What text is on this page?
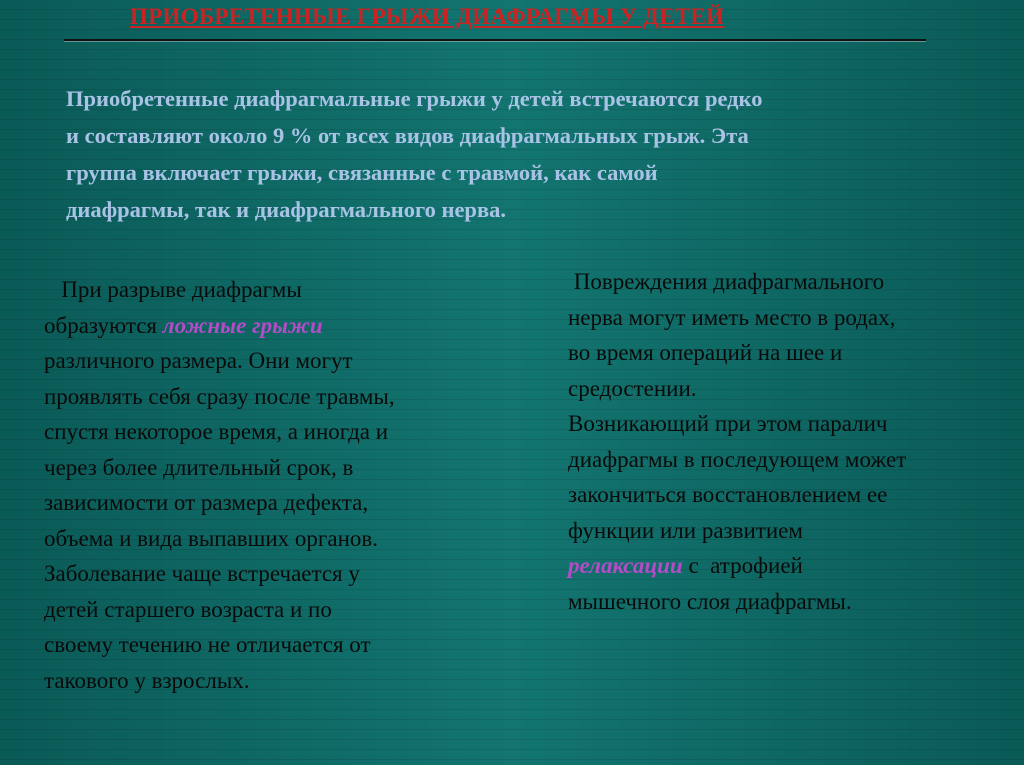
ПРИОБРЕТЕННЫЕ ГРЫЖИ ДИАФРАГМЫ У ДЕТЕЙ

Приобретенные диафрагмальные грыжи у детей встречаются редко
и составляют около 9 % от всех видов диафрагмальных грыж. Эта
группа включает грыжи, связанные с травмой, как самой
диафрагмы, так и диафрагмального нерва.

При разрыве диафрагмы
образуются ложные грыжи
различного размера. Они могут
проявлять себя сразу после травмы,
спустя некоторое время, а иногда и
через более длительный срок, в
зависимости от размера дефекта,
объема и вида выпавших органов.
Заболевание чаще встречается у
детей старшего возраста и по
своему течению не отличается от
такового у взрослых.

Повреждения диафрагмального
нерва могут иметь место в родах,
во время операций на шее и
средостении.
Возникающий при этом паралич
диафрагмы в последующем может
закончиться восстановлением ее
функции или развитием
релаксации с  атрофией
мышечного слоя диафрагмы.
